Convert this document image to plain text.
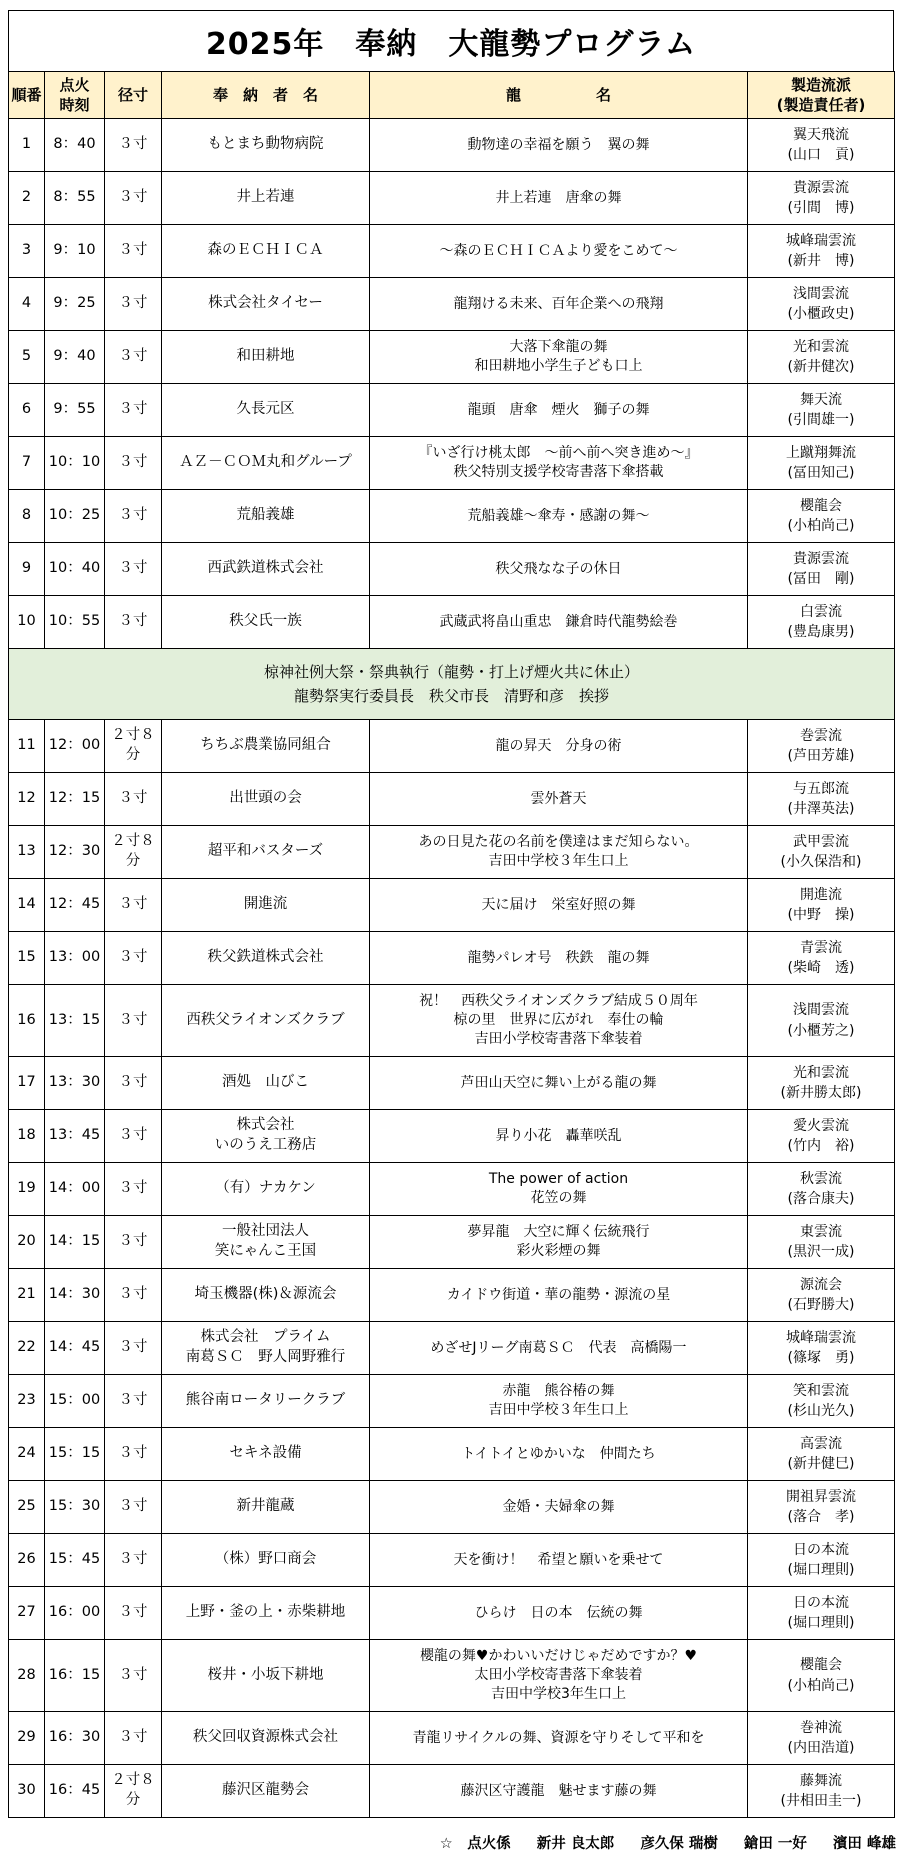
2025年　奉納　大龍勢プログラム
順番	点火
時刻	径寸	奉　納　者　名	龍　　　　　名	製造流派
(製造責任者)

1	8：40	３寸	もとまち動物病院	動物達の幸福を願う　翼の舞	翼天飛流
(山口　貢)

2	8：55	３寸	井上若連	井上若連　唐傘の舞	貴源雲流
(引間　博)

3	9：10	３寸	森のＥＣＨＩＣＡ	～森のＥＣＨＩＣＡより愛をこめて～	城峰瑞雲流
(新井　博)

4	9：25	３寸	株式会社タイセー	龍翔ける未来、百年企業への飛翔	浅間雲流
(小櫃政史)

5	9：40	３寸	和田耕地	大落下傘龍の舞
和田耕地小学生子ども口上	光和雲流
(新井健次)

6	9：55	３寸	久長元区	龍頭　唐傘　煙火　獅子の舞	舞天流
(引間雄一)

7	10：10	３寸	ＡＺ－ＣＯＭ丸和グループ	『いざ行け桃太郎　～前へ前へ突き進め～』
秩父特別支援学校寄書落下傘搭載	上蹴翔舞流
(冨田知己)

8	10：25	３寸	荒船義雄	荒船義雄～傘寿・感謝の舞～	櫻龍会
(小柏尚己)

9	10：40	３寸	西武鉄道株式会社	秩父飛なな子の休日	貴源雲流
(冨田　剛)

10	10：55	３寸	秩父氏一族	武蔵武将畠山重忠　鎌倉時代龍勢絵巻	白雲流
(豊島康男)

椋神社例大祭・祭典執行（龍勢・打上げ煙火共に休止）
龍勢祭実行委員長　秩父市長　清野和彦　挨拶					

11	12：00	２寸８分	ちちぶ農業協同組合	龍の昇天　分身の術	巻雲流
(芦田芳雄)

12	12：15	３寸	出世頭の会	雲外蒼天	与五郎流
(井澤英法)

13	12：30	２寸８分	超平和バスターズ	あの日見た花の名前を僕達はまだ知らない。
吉田中学校３年生口上	武甲雲流
(小久保浩和)

14	12：45	３寸	開進流	天に届け　栄室好照の舞	開進流
(中野　操)

15	13：00	３寸	秩父鉄道株式会社	龍勢パレオ号　秩鉄　龍の舞	青雲流
(柴崎　透)

16	13：15	３寸	西秩父ライオンズクラブ	祝！　西秩父ライオンズクラブ結成５０周年
椋の里　世界に広がれ　奉仕の輪
吉田小学校寄書落下傘装着	浅間雲流
(小櫃芳之)

17	13：30	３寸	酒処　山びこ	芦田山天空に舞い上がる龍の舞	光和雲流
(新井勝太郎)

18	13：45	３寸	株式会社
いのうえ工務店	昇り小花　轟華咲乱	愛火雲流
(竹内　裕)

19	14：00	３寸	（有）ナカケン	The power of action
花笠の舞	秋雲流
(落合康夫)

20	14：15	３寸	一般社団法人
笑にゃんこ王国	夢昇龍　大空に輝く伝統飛行
彩火彩煙の舞	東雲流
(黒沢一成)

21	14：30	３寸	埼玉機器(株)＆源流会	カイドウ街道・華の龍勢・源流の星	源流会
(石野勝大)

22	14：45	３寸	株式会社　プライム
南葛ＳＣ　野人岡野雅行	めざせJリーグ南葛ＳＣ　代表　高橋陽一	城峰瑞雲流
(篠塚　勇)

23	15：00	３寸	熊谷南ロータリークラブ	赤龍　熊谷椿の舞
吉田中学校３年生口上	笑和雲流
(杉山光久)

24	15：15	３寸	セキネ設備	トイトイとゆかいな　仲間たち	高雲流
(新井健巳)

25	15：30	３寸	新井龍蔵	金婚・夫婦傘の舞	開祖昇雲流
(落合　孝)

26	15：45	３寸	（株）野口商会	天を衝け！　希望と願いを乗せて	日の本流
(堀口理則)

27	16：00	３寸	上野・釜の上・赤柴耕地	ひらけ　日の本　伝統の舞	日の本流
(堀口理則)

28	16：15	３寸	桜井・小坂下耕地	櫻龍の舞♥かわいいだけじゃだめですか？♥
太田小学校寄書落下傘装着
吉田中学校3年生口上	櫻龍会
(小柏尚己)

29	16：30	３寸	秩父回収資源株式会社	青龍リサイクルの舞、資源を守りそして平和を	巻神流
(内田浩道)

30	16：45	２寸８分	藤沢区龍勢会	藤沢区守護龍　魅せます藤の舞	藤舞流
(井相田圭一)
☆　点火係 新井 良太郎 彦久保 瑞樹 鎗田 一好 濱田 峰雄
